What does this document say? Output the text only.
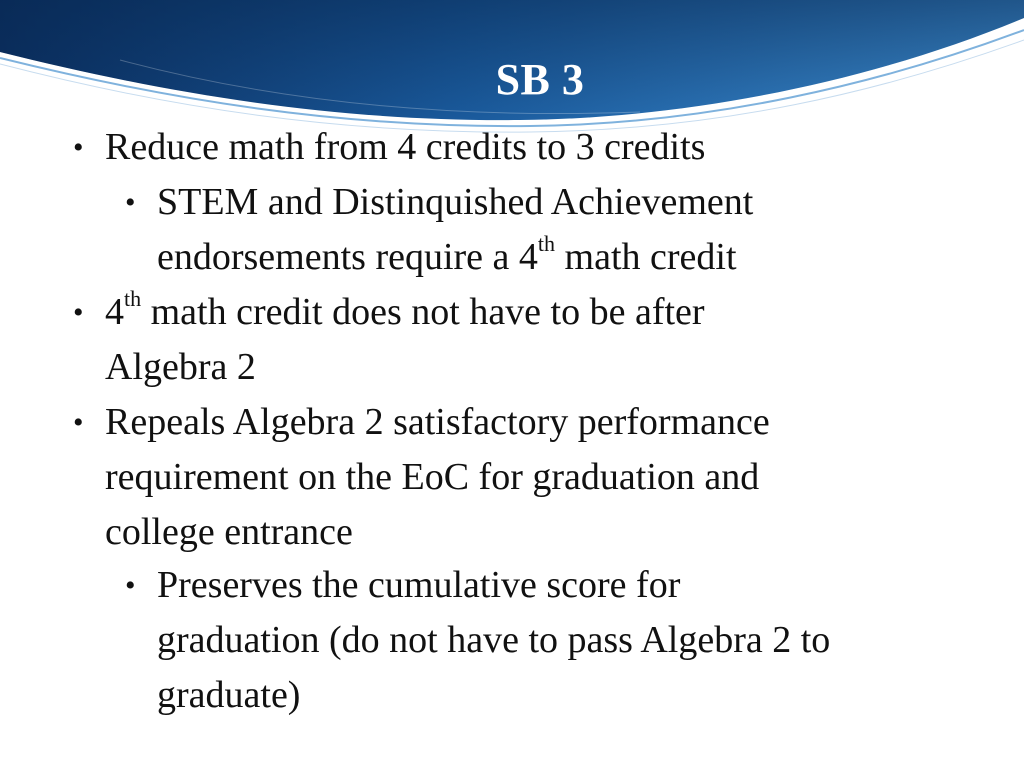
SB 3
• Reduce math from 4 credits to 3 credits
• STEM and Distinquished Achievement
endorsements require a 4th math credit
• 4th math credit does not have to be after
Algebra 2
• Repeals Algebra 2 satisfactory performance
requirement on the EoC for graduation and
college entrance
• Preserves the cumulative score for
graduation (do not have to pass Algebra 2 to
graduate)
